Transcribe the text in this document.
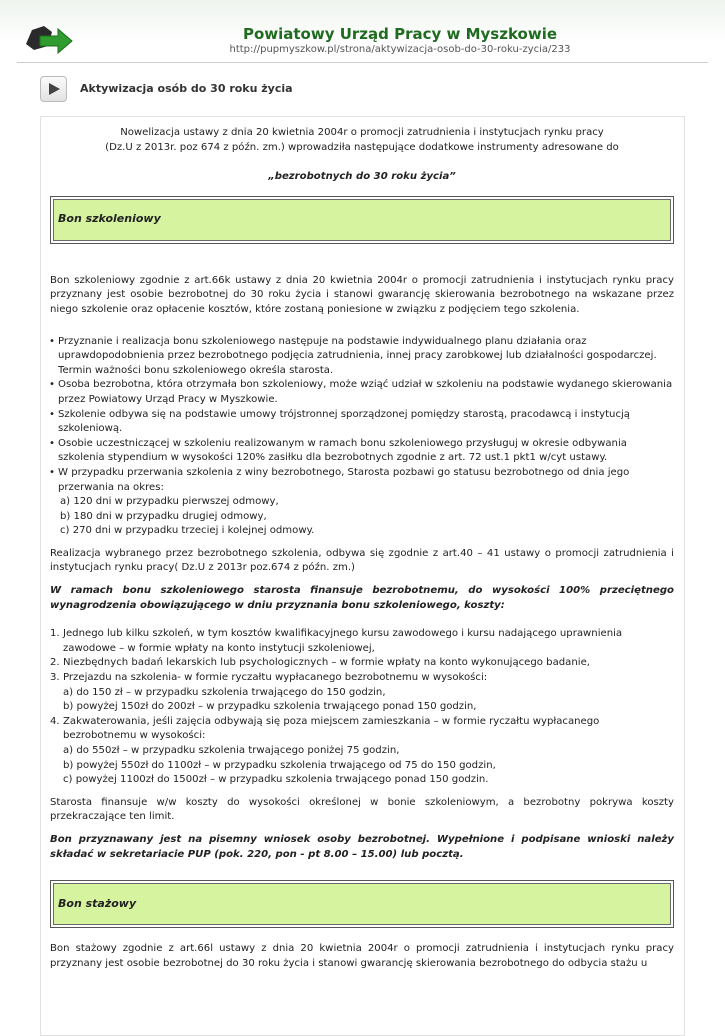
Powiatowy Urząd Pracy w Myszkowie
http://pupmyszkow.pl/strona/aktywizacja-osob-do-30-roku-zycia/233
Aktywizacja osób do 30 roku życia
Nowelizacja ustawy z dnia 20 kwietnia 2004r o promocji zatrudnienia i instytucjach rynku pracy
(Dz.U z 2013r. poz 674 z późn. zm.) wprowadziła następujące dodatkowe instrumenty adresowane do
„bezrobotnych do 30 roku życia”
Bon szkoleniowy
Bon szkoleniowy zgodnie z art.66k ustawy z dnia 20 kwietnia 2004r o promocji zatrudnienia i instytucjach rynku pracy przyznany jest osobie bezrobotnej do 30 roku życia i stanowi gwarancję skierowania bezrobotnego na wskazane przez niego szkolenie oraz opłacenie kosztów, które zostaną poniesione w związku z podjęciem tego szkolenia.
• Przyznanie i realizacja bonu szkoleniowego następuje na podstawie indywidualnego planu działania oraz uprawdopodobnienia przez bezrobotnego podjęcia zatrudnienia, innej pracy zarobkowej lub działalności gospodarczej. Termin ważności bonu szkoleniowego określa starosta.
• Osoba bezrobotna, która otrzymała bon szkoleniowy, może wziąć udział w szkoleniu na podstawie wydanego skierowania przez Powiatowy Urząd Pracy w Myszkowie.
• Szkolenie odbywa się na podstawie umowy trójstronnej sporządzonej pomiędzy starostą, pracodawcą i instytucją szkoleniową.
• Osobie uczestniczącej w szkoleniu realizowanym w ramach bonu szkoleniowego przysługuj w okresie odbywania szkolenia stypendium w wysokości 120% zasiłku dla bezrobotnych zgodnie z art. 72 ust.1 pkt1 w/cyt ustawy.
• W przypadku przerwania szkolenia z winy bezrobotnego, Starosta pozbawi go statusu bezrobotnego od dnia jego przerwania na okres:
a) 120 dni w przypadku pierwszej odmowy,
b) 180 dni w przypadku drugiej odmowy,
c) 270 dni w przypadku trzeciej i kolejnej odmowy.
Realizacja wybranego przez bezrobotnego szkolenia, odbywa się zgodnie z art.40 – 41 ustawy o promocji zatrudnienia i instytucjach rynku pracy( Dz.U z 2013r poz.674 z późn. zm.)
W ramach bonu szkoleniowego starosta finansuje bezrobotnemu, do wysokości 100% przeciętnego wynagrodzenia obowiązującego w dniu przyznania bonu szkoleniowego, koszty:
1. Jednego lub kilku szkoleń, w tym kosztów kwalifikacyjnego kursu zawodowego i kursu nadającego uprawnienia zawodowe – w formie wpłaty na konto instytucji szkoleniowej,
2. Niezbędnych badań lekarskich lub psychologicznych – w formie wpłaty na konto wykonującego badanie,
3. Przejazdu na szkolenia- w formie ryczałtu wypłacanego bezrobotnemu w wysokości:
a) do 150 zł – w przypadku szkolenia trwającego do 150 godzin,
b) powyżej 150zł do 200zł – w przypadku szkolenia trwającego ponad 150 godzin,
4. Zakwaterowania, jeśli zajęcia odbywają się poza miejscem zamieszkania – w formie ryczałtu wypłacanego bezrobotnemu w wysokości:
a) do 550zł – w przypadku szkolenia trwającego poniżej 75 godzin,
b) powyżej 550zł do 1100zł – w przypadku szkolenia trwającego od 75 do 150 godzin,
c) powyżej 1100zł do 1500zł – w przypadku szkolenia trwającego ponad 150 godzin.
Starosta finansuje w/w koszty do wysokości określonej w bonie szkoleniowym, a bezrobotny pokrywa koszty przekraczające ten limit.
Bon przyznawany jest na pisemny wniosek osoby bezrobotnej. Wypełnione i podpisane wnioski należy składać w sekretariacie PUP (pok. 220, pon - pt 8.00 – 15.00) lub pocztą.
Bon stażowy
Bon stażowy zgodnie z art.66l ustawy z dnia 20 kwietnia 2004r o promocji zatrudnienia i instytucjach rynku pracy przyznany jest osobie bezrobotnej do 30 roku życia i stanowi gwarancję skierowania bezrobotnego do odbycia stażu u
